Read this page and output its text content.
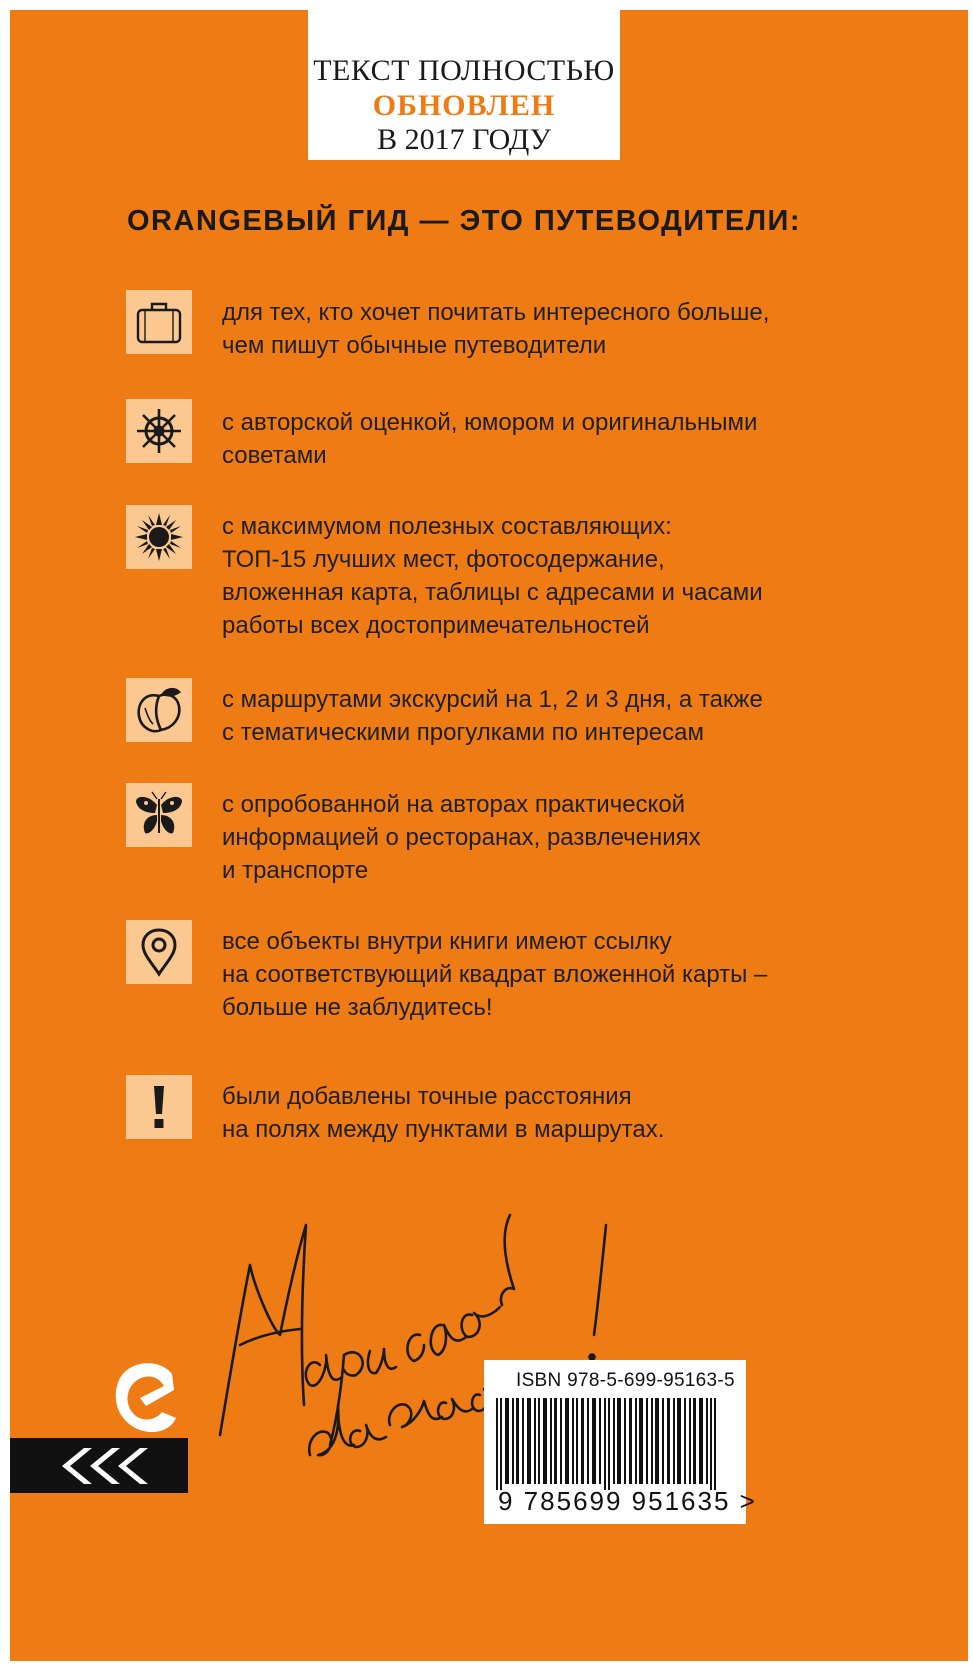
ТЕКСТ ПОЛНОСТЬЮ
ОБНОВЛЕН
В 2017 ГОДУ
ORANGEВЫЙ ГИД — ЭТО ПУТЕВОДИТЕЛИ:
для тех, кто хочет почитать интересного больше,
чем пишут обычные путеводители
с авторской оценкой, юмором и оригинальными
советами
с максимумом полезных составляющих:
ТОП-15 лучших мест, фотосодержание,
вложенная карта, таблицы с адресами и часами
работы всех достопримечательностей
с маршрутами экскурсий на 1, 2 и 3 дня, а также
с тематическими прогулками по интересам
с опробованной на авторах практической
информацией о ресторанах, развлечениях
и транспорте
все объекты внутри книги имеют ссылку
на соответствующий квадрат вложенной карты –
больше не заблудитесь!
были добавлены точные расстояния
на полях между пунктами в маршрутах.
ISBN 978-5-699-95163-5
9 785699 951635 >
